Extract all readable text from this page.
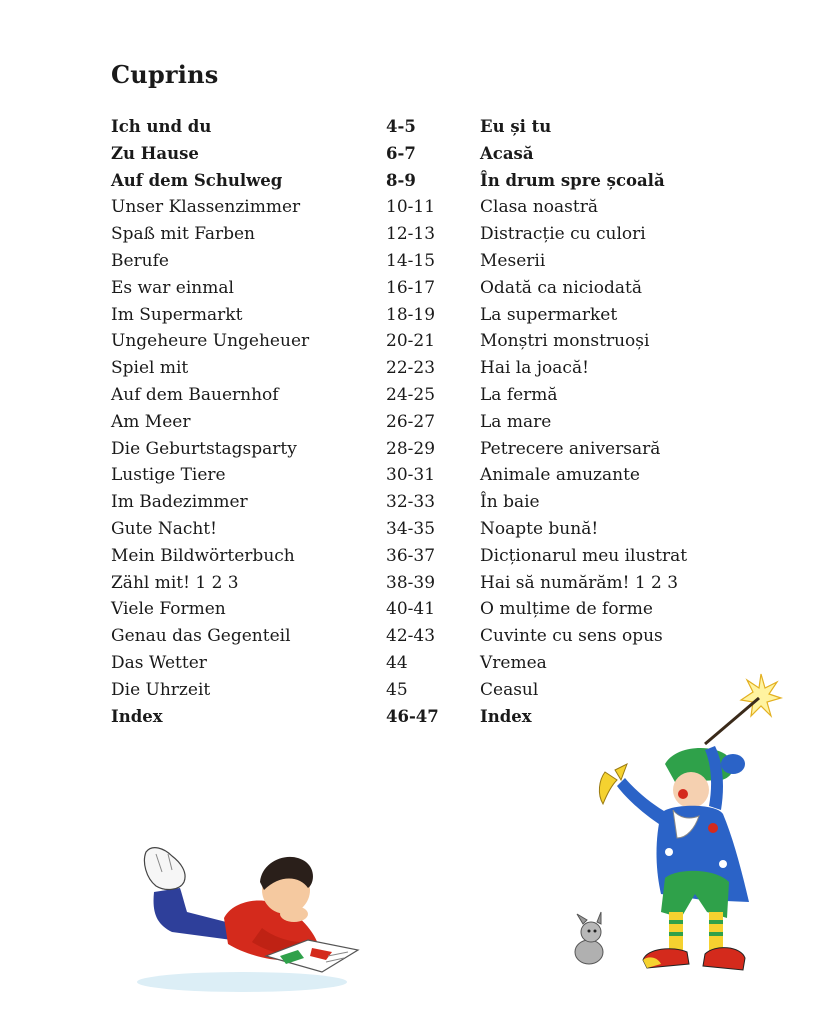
Cuprins
Ich und du	4-5	Eu și tu
Zu Hause	6-7	Acasă
Auf dem Schulweg	8-9	În drum spre școală
Unser Klassenzimmer	10-11	Clasa noastră
Spaß mit Farben	12-13	Distracție cu culori
Berufe	14-15	Meserii
Es war einmal	16-17	Odată ca niciodată
Im Supermarkt	18-19	La supermarket
Ungeheure Ungeheuer	20-21	Monștri monstruoși
Spiel mit	22-23	Hai la joacă!
Auf dem Bauernhof	24-25	La fermă
Am Meer	26-27	La mare
Die Geburtstagsparty	28-29	Petrecere aniversară
Lustige Tiere	30-31	Animale amuzante
Im Badezimmer	32-33	În baie
Gute Nacht!	34-35	Noapte bună!
Mein Bildwörterbuch	36-37	Dicționarul meu ilustrat
Zähl mit! 1 2 3	38-39	Hai să numărăm! 1 2 3
Viele Formen	40-41	O mulțime de forme
Genau das Gegenteil	42-43	Cuvinte cu sens opus
Das Wetter	44	Vremea
Die Uhrzeit	45	Ceasul
Index	46-47 Index
